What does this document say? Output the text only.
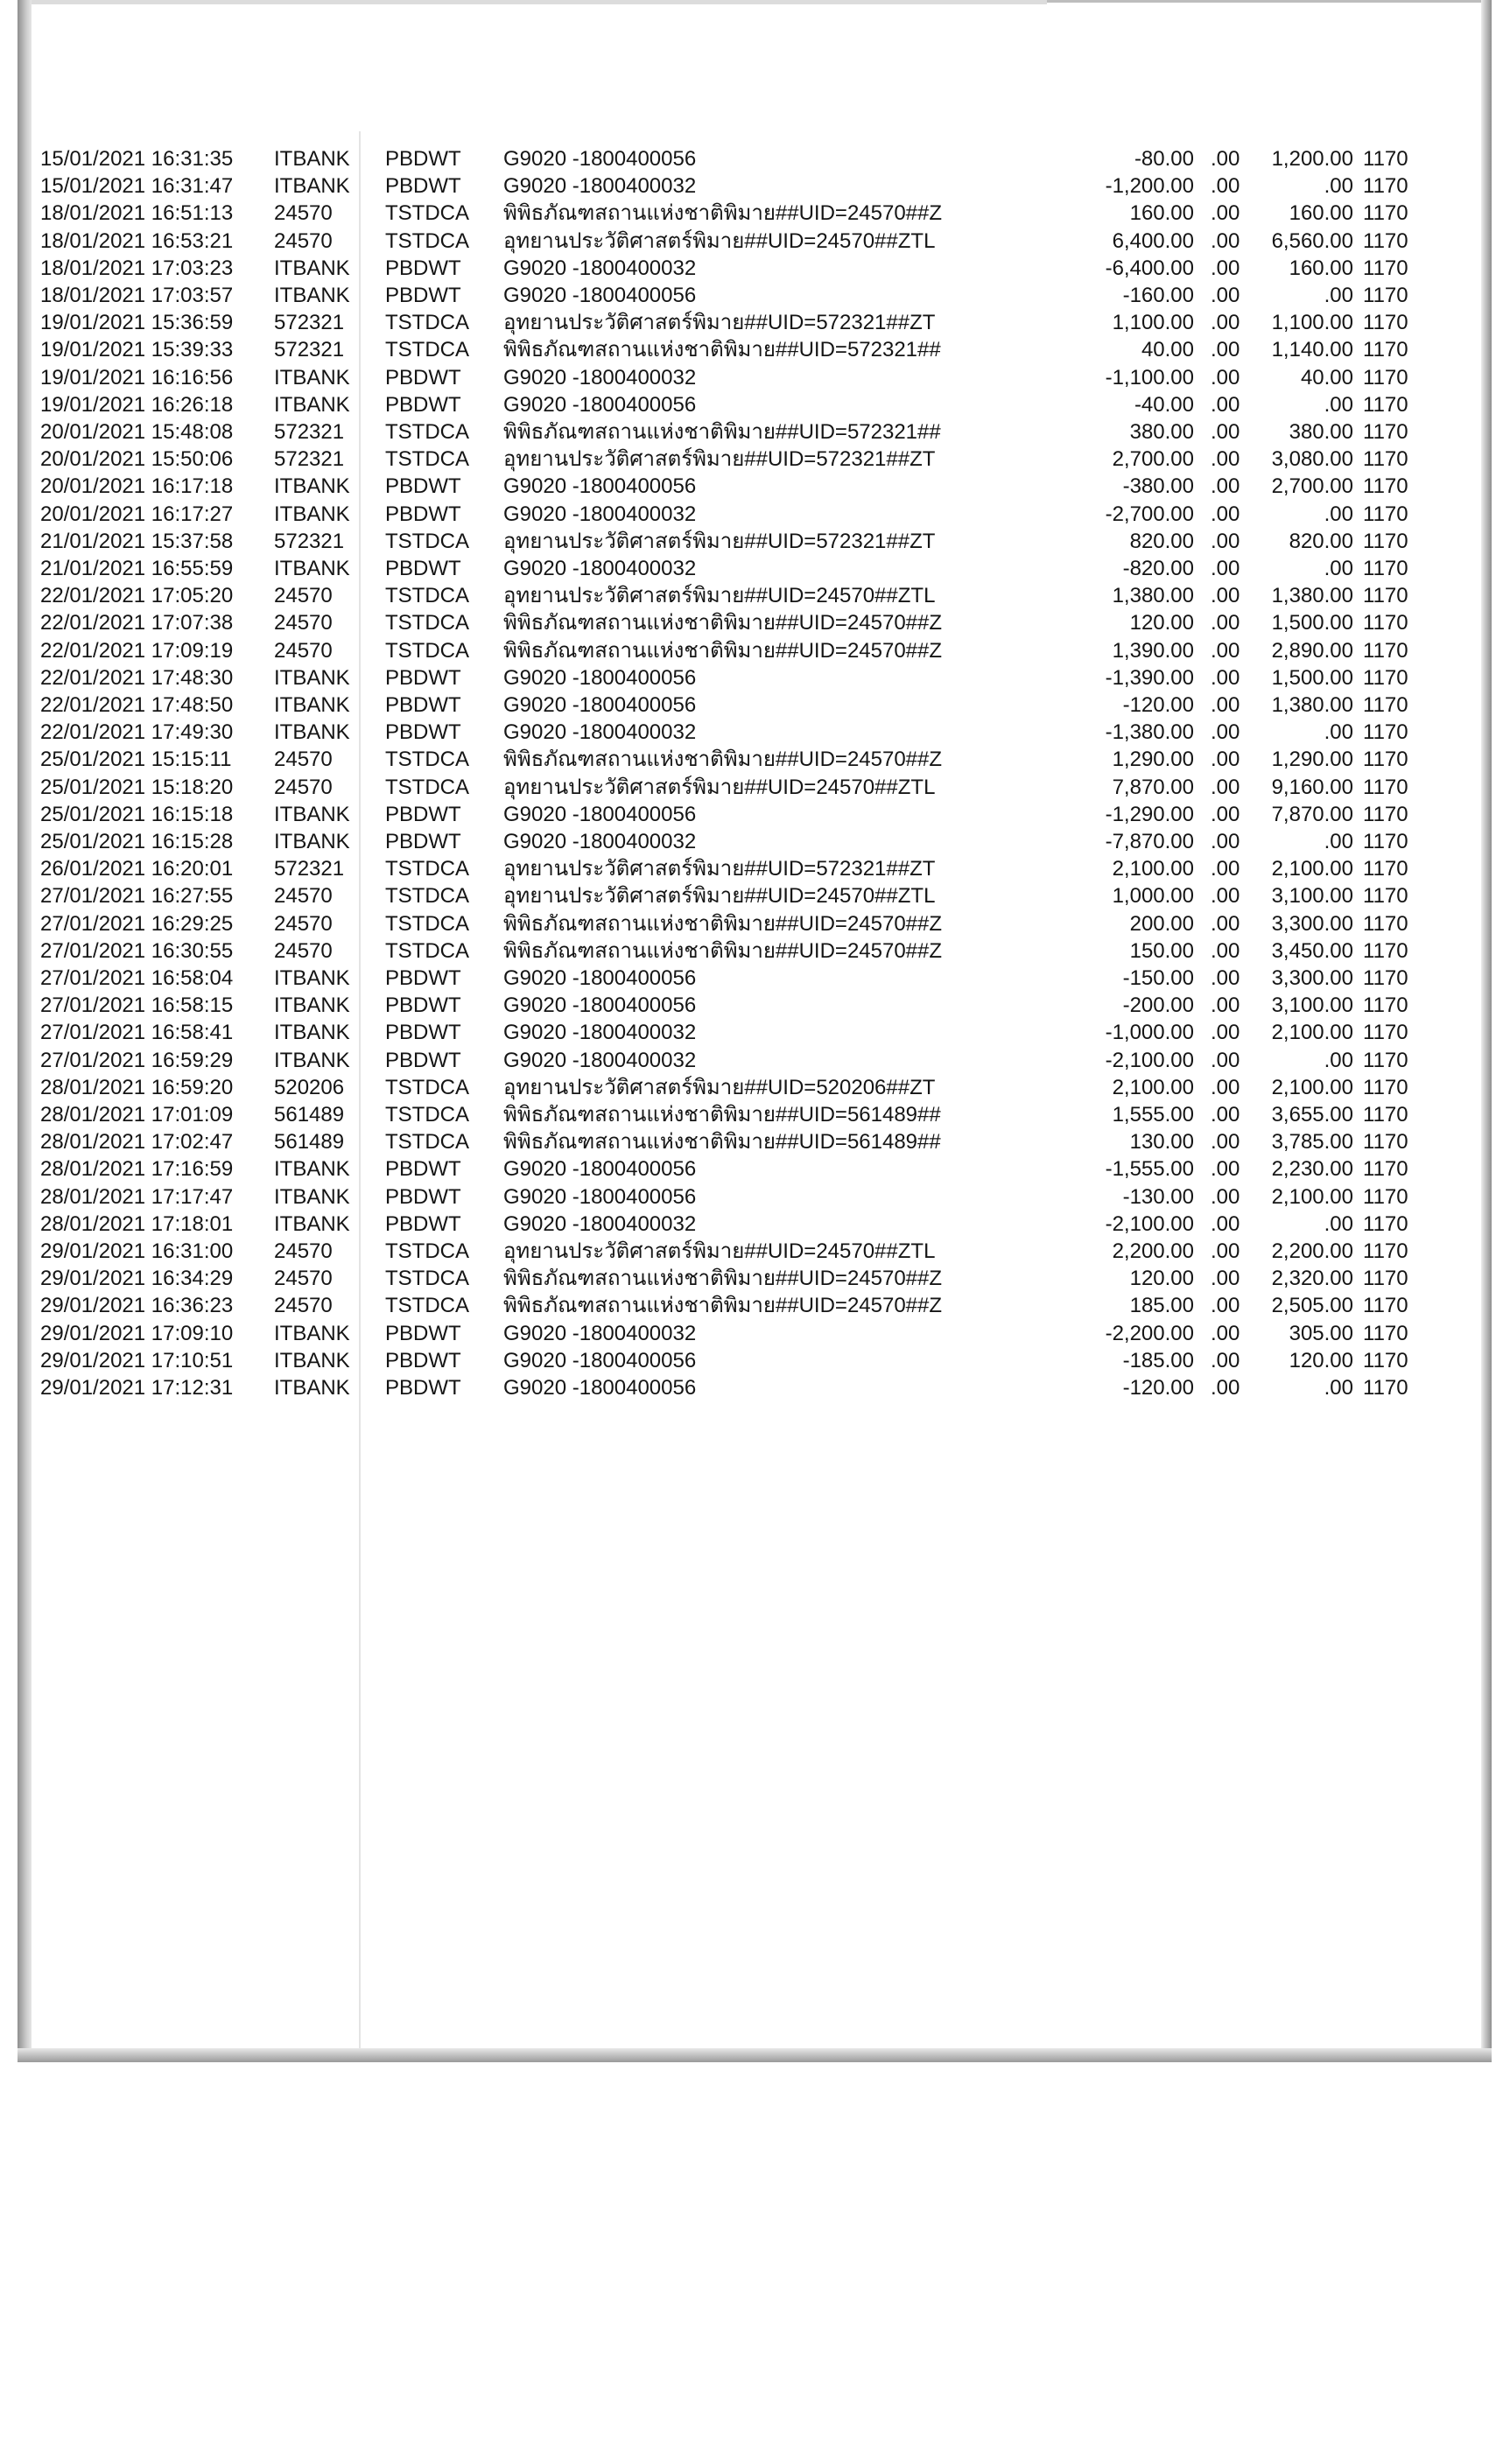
15/01/2021 16:31:35 ITBANK PBDWT G9020 -1800400056	-80.00 .00 1,200.00 1170
15/01/2021 16:31:47 ITBANK PBDWT G9020 -1800400032	-1,200.00 .00	.00 1170
18/01/2021 16:51:13 24570	TSTDCA พิพิธภัณฑสถานแห่งชาติพิมาย##UID=24570##Z	160.00 .00 160.00 1170
18/01/2021 16:53:21 24570	TSTDCA อุทยานประวัติศาสตร์พิมาย##UID=24570##ZTL	6,400.00 .00 6,560.00 1170
18/01/2021 17:03:23 ITBANK PBDWT G9020 -1800400032	-6,400.00 .00 160.00 1170
18/01/2021 17:03:57 ITBANK PBDWT G9020 -1800400056	-160.00 .00	.00 1170
19/01/2021 15:36:59 572321 TSTDCA อุทยานประวัติศาสตร์พิมาย##UID=572321##ZT	1,100.00 .00 1,100.00 1170
19/01/2021 15:39:33 572321 TSTDCA พิพิธภัณฑสถานแห่งชาติพิมาย##UID=572321##	40.00 .00 1,140.00 1170
19/01/2021 16:16:56 ITBANK PBDWT G9020 -1800400032	-1,100.00 .00	40.00 1170
19/01/2021 16:26:18 ITBANK PBDWT G9020 -1800400056	-40.00 .00	.00 1170
20/01/2021 15:48:08 572321 TSTDCA พิพิธภัณฑสถานแห่งชาติพิมาย##UID=572321##	380.00 .00 380.00 1170
20/01/2021 15:50:06 572321 TSTDCA อุทยานประวัติศาสตร์พิมาย##UID=572321##ZT	2,700.00 .00 3,080.00 1170
20/01/2021 16:17:18 ITBANK PBDWT G9020 -1800400056	-380.00 .00 2,700.00 1170
20/01/2021 16:17:27 ITBANK PBDWT G9020 -1800400032	-2,700.00 .00	.00 1170
21/01/2021 15:37:58 572321 TSTDCA อุทยานประวัติศาสตร์พิมาย##UID=572321##ZT	820.00 .00 820.00 1170
21/01/2021 16:55:59 ITBANK PBDWT G9020 -1800400032	-820.00 .00	.00 1170
22/01/2021 17:05:20 24570	TSTDCA อุทยานประวัติศาสตร์พิมาย##UID=24570##ZTL	1,380.00 .00 1,380.00 1170
22/01/2021 17:07:38 24570	TSTDCA พิพิธภัณฑสถานแห่งชาติพิมาย##UID=24570##Z	120.00 .00 1,500.00 1170
22/01/2021 17:09:19 24570	TSTDCA พิพิธภัณฑสถานแห่งชาติพิมาย##UID=24570##Z	1,390.00 .00 2,890.00 1170
22/01/2021 17:48:30 ITBANK PBDWT G9020 -1800400056	-1,390.00 .00 1,500.00 1170
22/01/2021 17:48:50 ITBANK PBDWT G9020 -1800400056	-120.00 .00 1,380.00 1170
22/01/2021 17:49:30 ITBANK PBDWT G9020 -1800400032	-1,380.00 .00	.00 1170
25/01/2021 15:15:11 24570	TSTDCA พิพิธภัณฑสถานแห่งชาติพิมาย##UID=24570##Z	1,290.00 .00 1,290.00 1170
25/01/2021 15:18:20 24570	TSTDCA อุทยานประวัติศาสตร์พิมาย##UID=24570##ZTL	7,870.00 .00 9,160.00 1170
25/01/2021 16:15:18 ITBANK PBDWT G9020 -1800400056	-1,290.00 .00 7,870.00 1170
25/01/2021 16:15:28 ITBANK PBDWT G9020 -1800400032	-7,870.00 .00	.00 1170
26/01/2021 16:20:01 572321 TSTDCA อุทยานประวัติศาสตร์พิมาย##UID=572321##ZT	2,100.00 .00 2,100.00 1170
27/01/2021 16:27:55 24570	TSTDCA อุทยานประวัติศาสตร์พิมาย##UID=24570##ZTL	1,000.00 .00 3,100.00 1170
27/01/2021 16:29:25 24570	TSTDCA พิพิธภัณฑสถานแห่งชาติพิมาย##UID=24570##Z	200.00 .00 3,300.00 1170
27/01/2021 16:30:55 24570	TSTDCA พิพิธภัณฑสถานแห่งชาติพิมาย##UID=24570##Z	150.00 .00 3,450.00 1170
27/01/2021 16:58:04 ITBANK PBDWT G9020 -1800400056	-150.00 .00 3,300.00 1170
27/01/2021 16:58:15 ITBANK PBDWT G9020 -1800400056	-200.00 .00 3,100.00 1170
27/01/2021 16:58:41 ITBANK PBDWT G9020 -1800400032	-1,000.00 .00 2,100.00 1170
27/01/2021 16:59:29 ITBANK PBDWT G9020 -1800400032	-2,100.00 .00	.00 1170
28/01/2021 16:59:20 520206 TSTDCA อุทยานประวัติศาสตร์พิมาย##UID=520206##ZT	2,100.00 .00 2,100.00 1170
28/01/2021 17:01:09 561489 TSTDCA พิพิธภัณฑสถานแห่งชาติพิมาย##UID=561489##	1,555.00 .00 3,655.00 1170
28/01/2021 17:02:47 561489 TSTDCA พิพิธภัณฑสถานแห่งชาติพิมาย##UID=561489##	130.00 .00 3,785.00 1170
28/01/2021 17:16:59 ITBANK PBDWT G9020 -1800400056	-1,555.00 .00 2,230.00 1170
28/01/2021 17:17:47 ITBANK PBDWT G9020 -1800400056	-130.00 .00 2,100.00 1170
28/01/2021 17:18:01 ITBANK PBDWT G9020 -1800400032	-2,100.00 .00	.00 1170
29/01/2021 16:31:00 24570	TSTDCA อุทยานประวัติศาสตร์พิมาย##UID=24570##ZTL	2,200.00 .00 2,200.00 1170
29/01/2021 16:34:29 24570	TSTDCA พิพิธภัณฑสถานแห่งชาติพิมาย##UID=24570##Z	120.00 .00 2,320.00 1170
29/01/2021 16:36:23 24570	TSTDCA พิพิธภัณฑสถานแห่งชาติพิมาย##UID=24570##Z	185.00 .00 2,505.00 1170
29/01/2021 17:09:10 ITBANK PBDWT G9020 -1800400032	-2,200.00 .00 305.00 1170
29/01/2021 17:10:51 ITBANK PBDWT G9020 -1800400056	-185.00 .00 120.00 1170
29/01/2021 17:12:31 ITBANK PBDWT G9020 -1800400056	-120.00 .00	.00 1170
